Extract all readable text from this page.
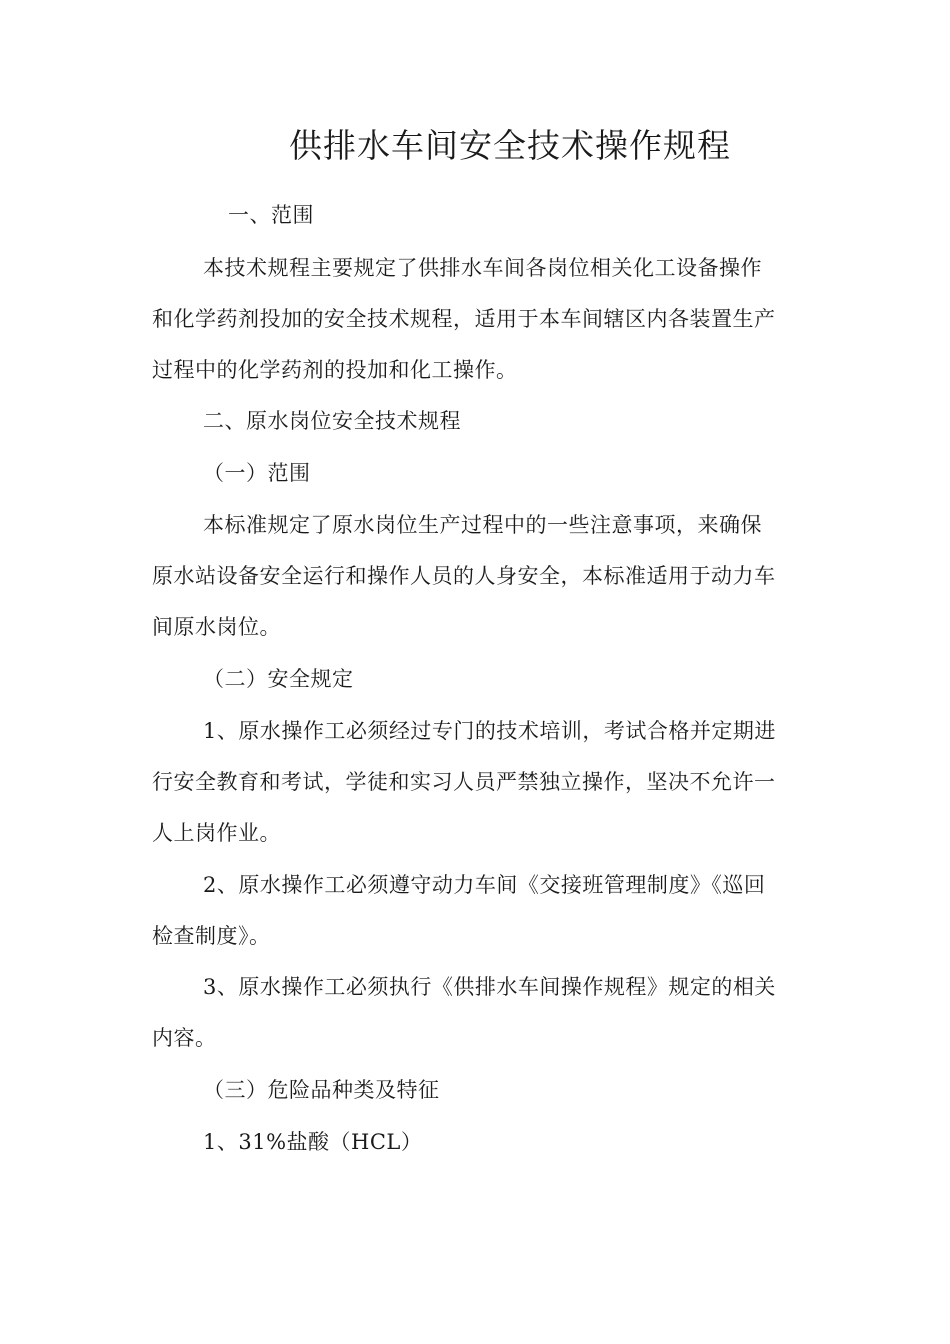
供排水车间安全技术操作规程
一、范围
本技术规程主要规定了供排水车间各岗位相关化工设备操作
和化学药剂投加的安全技术规程，适用于本车间辖区内各装置生产
过程中的化学药剂的投加和化工操作。
二、原水岗位安全技术规程
（一）范围
本标准规定了原水岗位生产过程中的一些注意事项，来确保
原水站设备安全运行和操作人员的人身安全，本标准适用于动力车
间原水岗位。
（二）安全规定
1、原水操作工必须经过专门的技术培训，考试合格并定期进
行安全教育和考试，学徒和实习人员严禁独立操作，坚决不允许一
人上岗作业。
2、原水操作工必须遵守动力车间《交接班管理制度》《巡回
检查制度》。
3、原水操作工必须执行《供排水车间操作规程》规定的相关
内容。
（三）危险品种类及特征
1、31%盐酸（HCL）
